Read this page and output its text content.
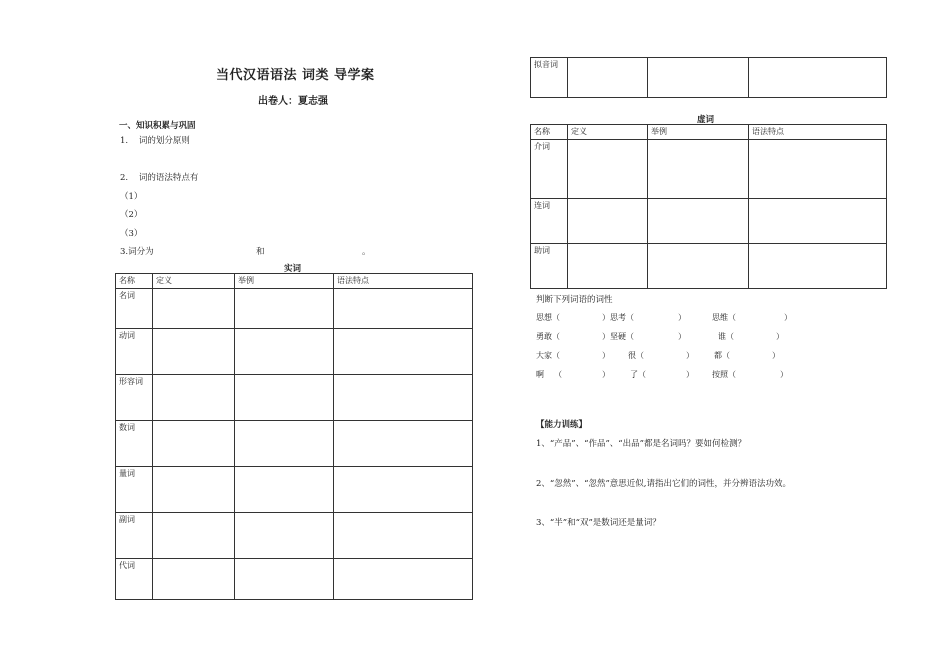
当代汉语语法 词类 导学案
出卷人：夏志强
一、知识积累与巩固
1.    词的划分原则
2.    词的语法特点有
（1）
（2）
（3）
3.词分为	和	。
实词
名称	定义	举例	语法特点
名词			
动词			
形容词			
数词			
量词			
副词			
代词			
拟音词			
虚词
名称	定义	举例	语法特点
介词			
连词			
助词			
判断下列词语的词性
思想（	）思考（	）	思维（	）
勇敢（	）坚硬（	）	谁（	）
大家（	） 很（	）	都（	）
啊    （	）	了（	） 按照（	）
【能力训练】
1、“产品”、“作品”、“出品”都是名词吗？要如何检测？
2、“忽然”、“忽然”意思近似,请指出它们的词性，并分辨语法功效。
3、“半”和“双”是数词还是量词？
